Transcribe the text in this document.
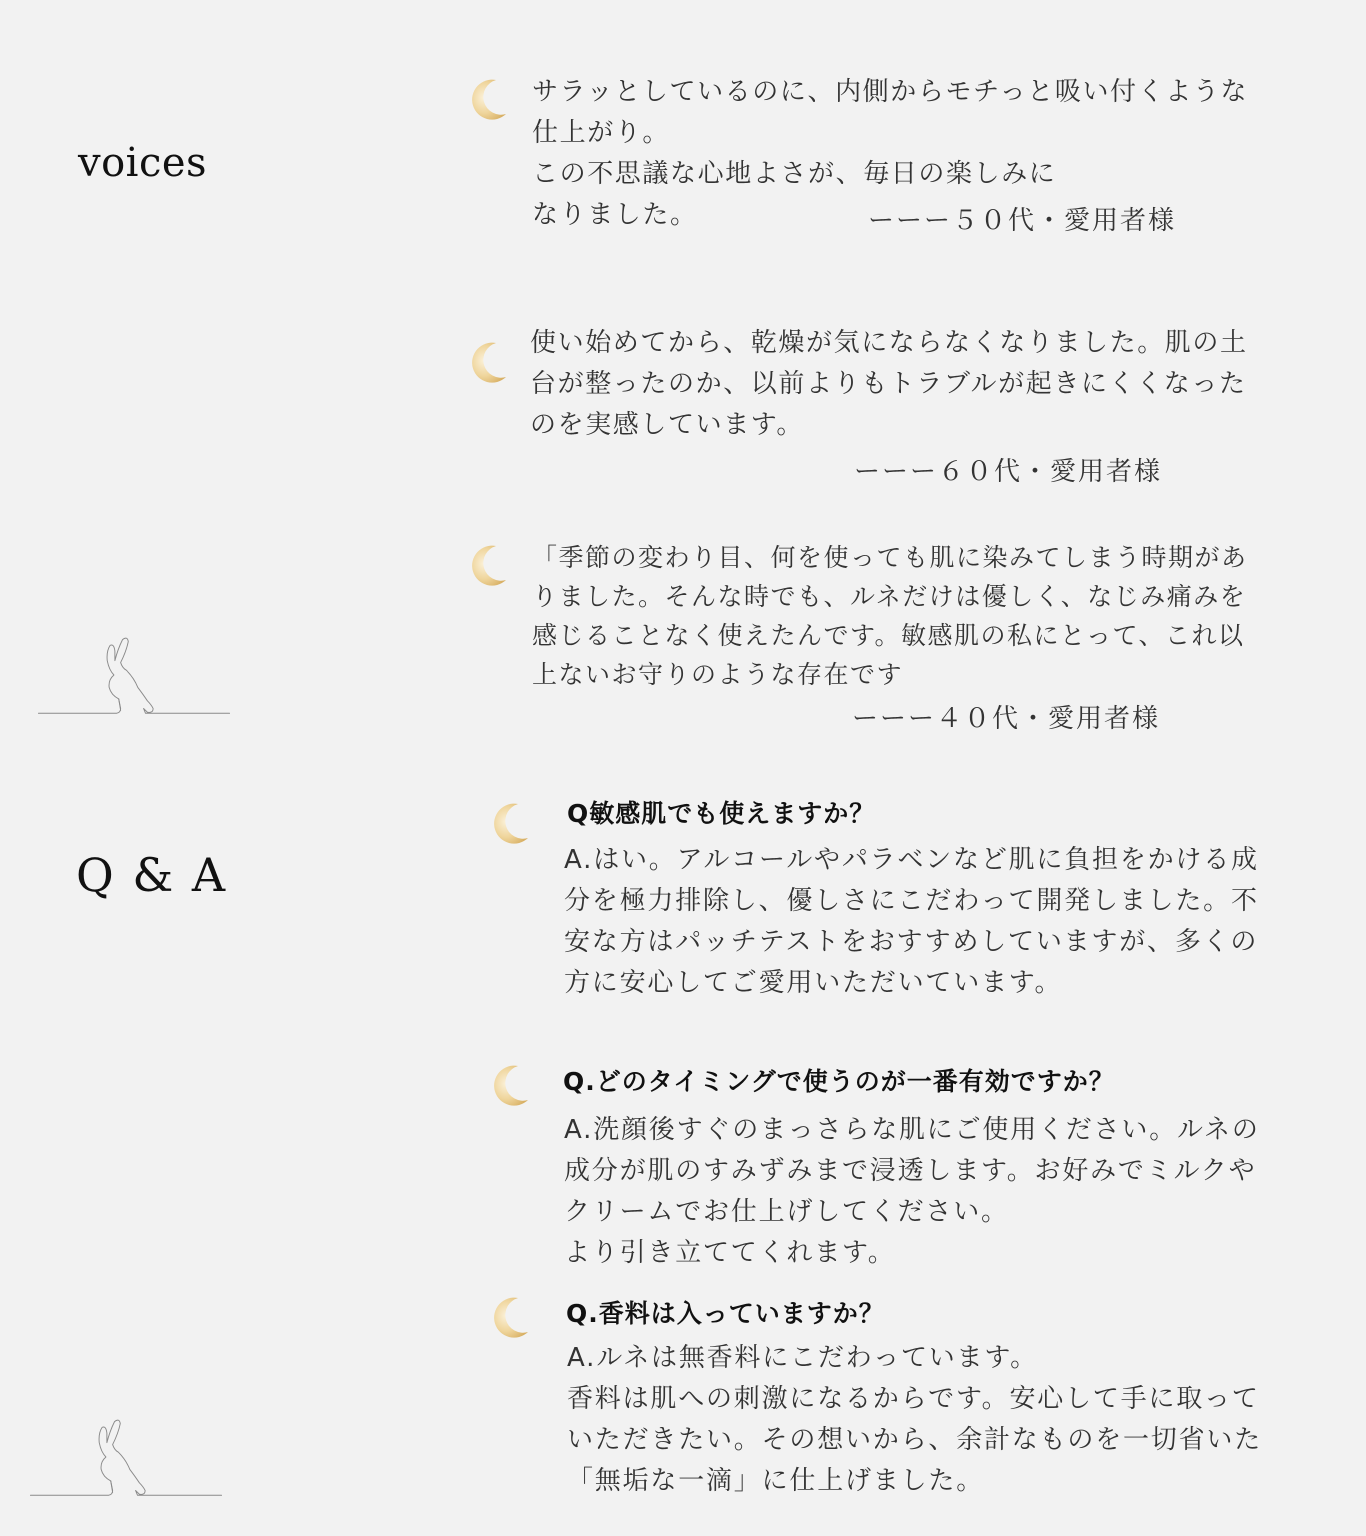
voices
Q & A
サラッとしているのに、内側からモチっと吸い付くような
仕上がり。
この不思議な心地よさが、毎日の楽しみに
なりました。	ーーー５０代・愛用者様
使い始めてから、乾燥が気にならなくなりました。肌の土
台が整ったのか、以前よりもトラブルが起きにくくなった
のを実感しています。
ーーー６０代・愛用者様
「季節の変わり目、何を使っても肌に染みてしまう時期があ
りました。そんな時でも、ルネだけは優しく、なじみ痛みを
感じることなく使えたんです。敏感肌の私にとって、これ以
上ないお守りのような存在です
ーーー４０代・愛用者様
Q敏感肌でも使えますか？
A.はい。アルコールやパラベンなど肌に負担をかける成
分を極力排除し、優しさにこだわって開発しました。不
安な方はパッチテストをおすすめしていますが、多くの
方に安心してご愛用いただいています。
Q.どのタイミングで使うのが一番有効ですか？
A.洗顔後すぐのまっさらな肌にご使用ください。ルネの
成分が肌のすみずみまで浸透します。お好みでミルクや
クリームでお仕上げしてください。
より引き立ててくれます。
Q.香料は入っていますか？
A.ルネは無香料にこだわっています。
香料は肌への刺激になるからです。安心して手に取って
いただきたい。その想いから、余計なものを一切省いた
「無垢な一滴」に仕上げました。
